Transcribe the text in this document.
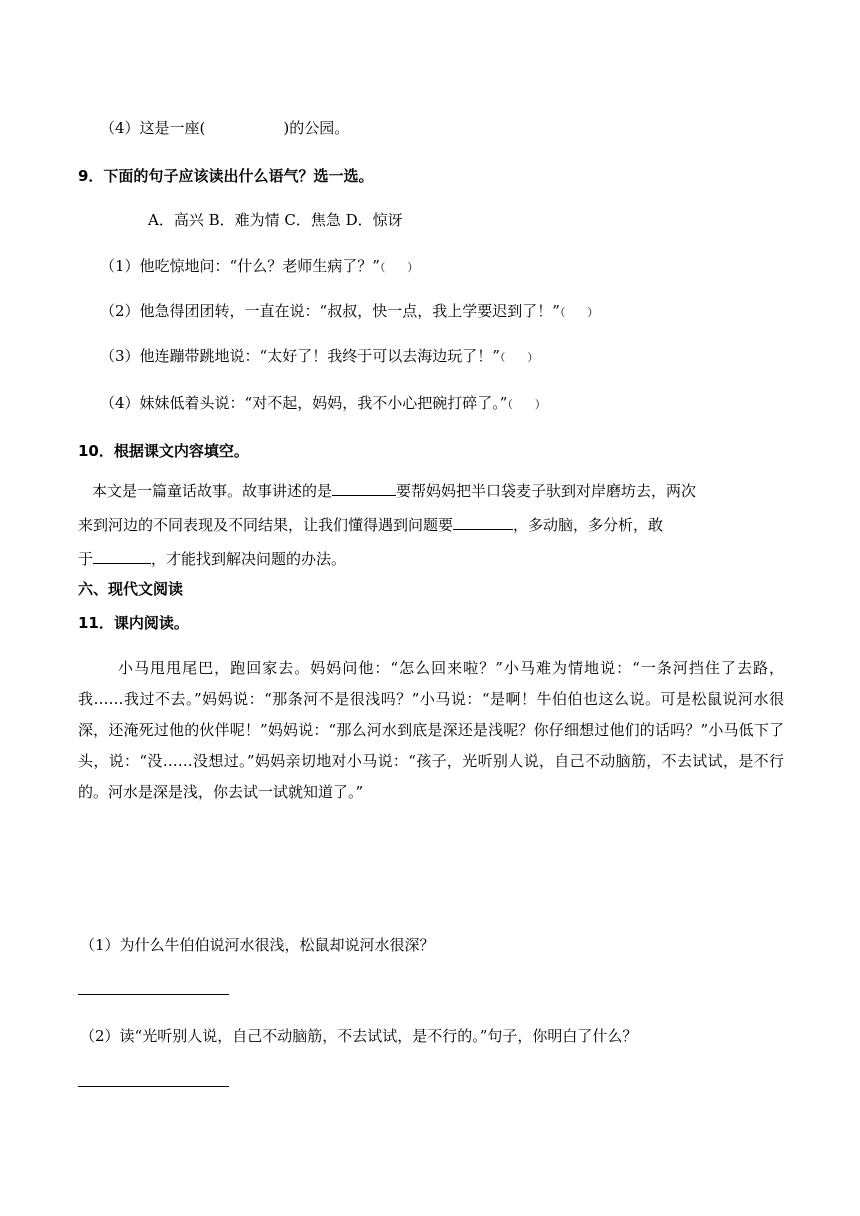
（4）这是一座(	)的公园。
9．下面的句子应该读出什么语气？选一选。
A．高兴 B．难为情 C．焦急 D．惊讶
（1）他吃惊地问：“什么？老师生病了？”（　　）
（2）他急得团团转，一直在说：“叔叔，快一点，我上学要迟到了！”（　　）
（3）他连蹦带跳地说：“太好了！我终于可以去海边玩了！”（　　）
（4）妹妹低着头说：“对不起，妈妈，我不小心把碗打碎了。”（　　）
10．根据课文内容填空。
本文是一篇童话故事。故事讲述的是	要帮妈妈把半口袋麦子驮到对岸磨坊去，两次
来到河边的不同表现及不同结果，让我们懂得遇到问题要	，多动脑，多分析，敢
于	，才能找到解决问题的办法。
六、现代文阅读
11．课内阅读。
小马甩甩尾巴，跑回家去。妈妈问他：“怎么回来啦？”小马难为情地说：“一条河挡住了去路，我……我过不去。”妈妈说：“那条河不是很浅吗？”小马说：“是啊！牛伯伯也这么说。可是松鼠说河水很深，还淹死过他的伙伴呢！”妈妈说：“那么河水到底是深还是浅呢？你仔细想过他们的话吗？”小马低下了头，说：“没……没想过。”妈妈亲切地对小马说：“孩子，光听别人说，自己不动脑筋，不去试试，是不行的。河水是深是浅，你去试一试就知道了。”
（1）为什么牛伯伯说河水很浅，松鼠却说河水很深？
（2）读“光听别人说，自己不动脑筋，不去试试，是不行的。”句子，你明白了什么？
